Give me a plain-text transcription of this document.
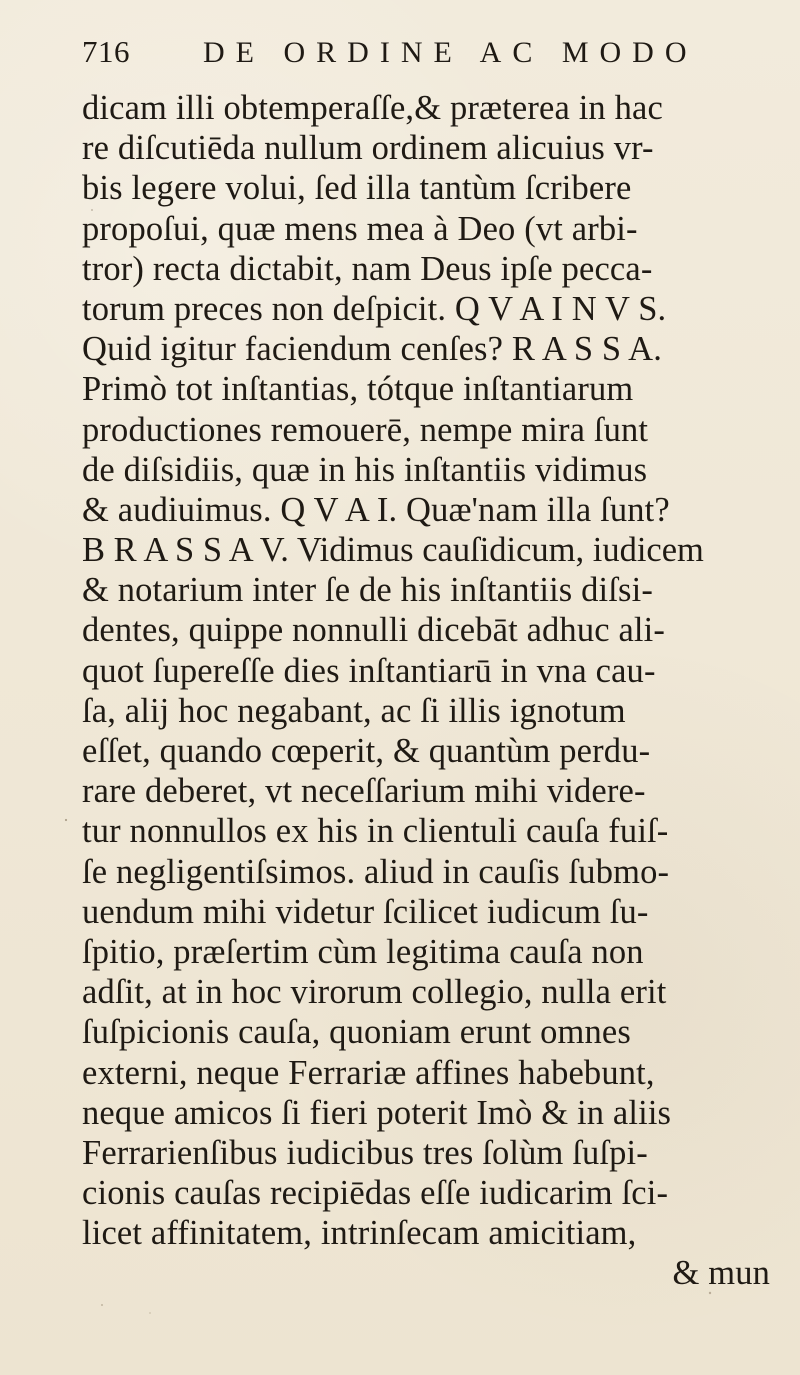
716 DE ORDINE AC MODO
dicam illi obtemperaſſe,& præterea in hac
re diſcutiēda nullum ordinem alicuius vr-
bis legere volui, ſed illa tantùm ſcribere
propoſui, quæ mens mea à Deo (vt arbi-
tror) recta dictabit, nam Deus ipſe pecca-
torum preces non deſpicit. Q V A I N V S.
Quid igitur faciendum cenſes? R A S S A.
Primò tot inſtantias, tótque inſtantiarum
productiones remouerē, nempe mira ſunt
de diſsidiis, quæ in his inſtantiis vidimus
& audiuimus. Q V A I. Quæ'nam illa ſunt?
B R A S S A V. Vidimus cauſidicum, iudicem
& notarium inter ſe de his inſtantiis diſsi-
dentes, quippe nonnulli dicebāt adhuc ali-
quot ſupereſſe dies inſtantiarū in vna cau-
ſa, alij hoc negabant, ac ſi illis ignotum
eſſet, quando cœperit, & quantùm perdu-
rare deberet, vt neceſſarium mihi videre-
tur nonnullos ex his in clientuli cauſa fuiſ-
ſe negligentiſsimos. aliud in cauſis ſubmo-
uendum mihi videtur ſcilicet iudicum ſu-
ſpitio, præſertim cùm legitima cauſa non
adſit, at in hoc virorum collegio, nulla erit
ſuſpicionis cauſa, quoniam erunt omnes
externi, neque Ferrariæ affines habebunt,
neque amicos ſi fieri poterit Imò & in aliis
Ferrarienſibus iudicibus tres ſolùm ſuſpi-
cionis cauſas recipiēdas eſſe iudicarim ſci-
licet affinitatem, intrinſecam amicitiam,
& mun
